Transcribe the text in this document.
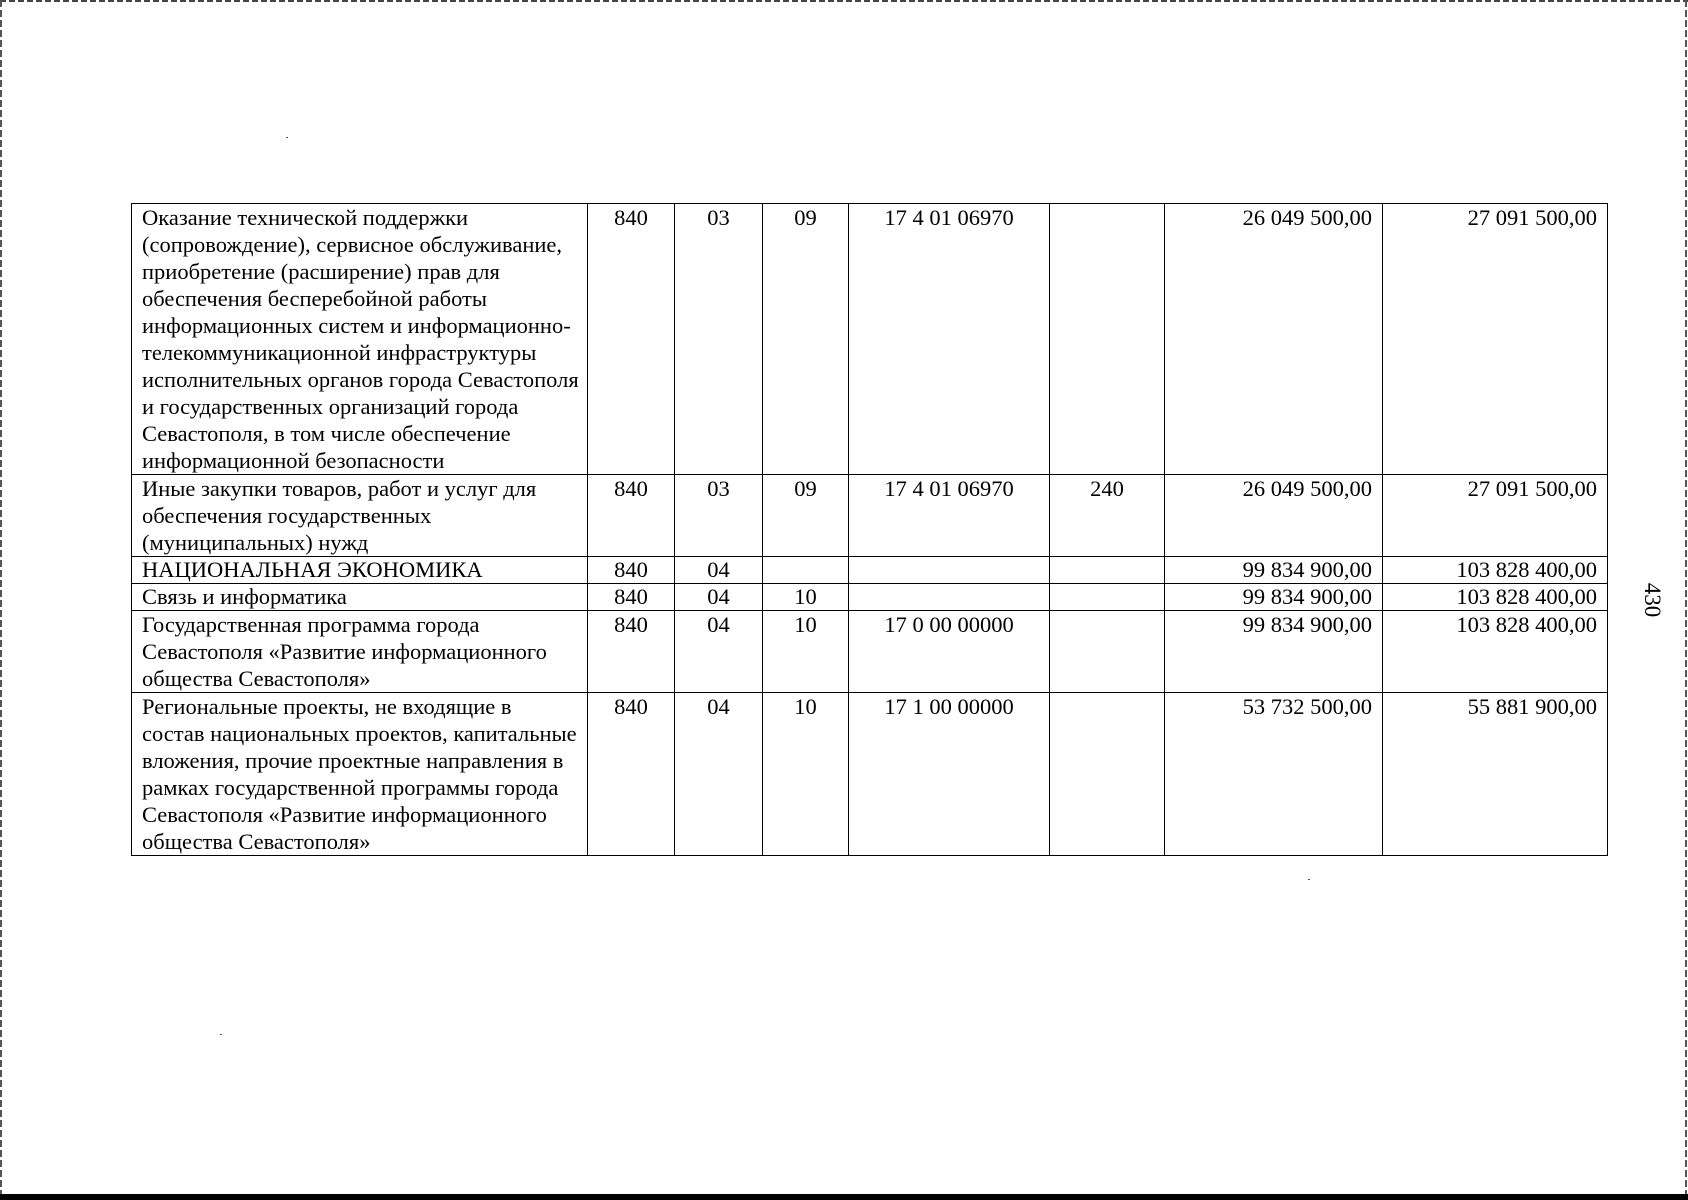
430
Оказание технической поддержки (сопровождение), сервисное обслуживание, приобретение (расширение) прав для обеспечения бесперебойной работы информационных систем и информационно-телекоммуникационной инфраструктуры исполнительных органов города Севастополя и государственных организаций города Севастополя, в том числе обеспечение информационной безопасности	840	03	09	17 4 01 06970		26 049 500,00	27 091 500,00
Иные закупки товаров, работ и услуг для обеспечения государственных (муниципальных) нужд	840	03	09	17 4 01 06970	240	26 049 500,00	27 091 500,00
НАЦИОНАЛЬНАЯ ЭКОНОМИКА	840	04				99 834 900,00	103 828 400,00
Связь и информатика	840	04	10			99 834 900,00	103 828 400,00
Государственная программа города Севастополя «Развитие информационного общества Севастополя»	840	04	10	17 0 00 00000		99 834 900,00	103 828 400,00
Региональные проекты, не входящие в состав национальных проектов, капитальные вложения, прочие проектные направления в рамках государственной программы города Севастополя «Развитие информационного общества Севастополя»	840	04	10	17 1 00 00000		53 732 500,00	55 881 900,00
